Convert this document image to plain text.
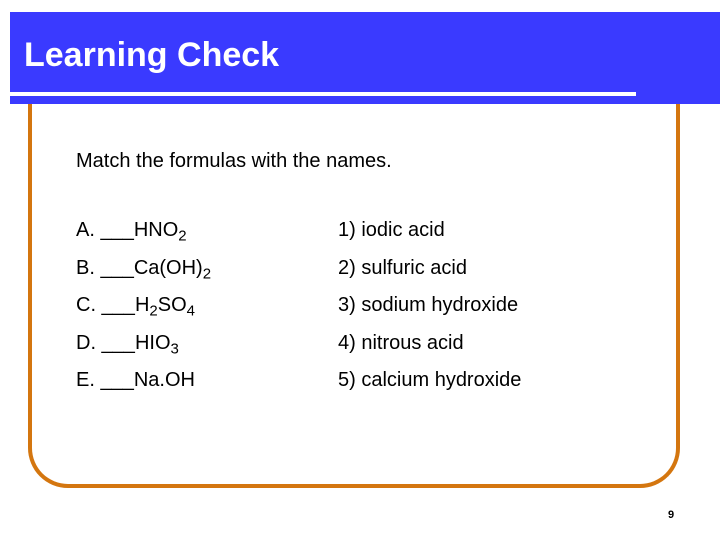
Learning Check
Match the formulas with the names.
A. $\_\_\_HNO_2$
B. $\_\_\_Ca(OH)_2$
C. $\_\_\_H_2SO_4$
D. $\_\_\_HIO_3$
E. ___Na.OH
1) iodic acid
2) sulfuric acid
3) sodium hydroxide
4) nitrous acid
5) calcium hydroxide
9
